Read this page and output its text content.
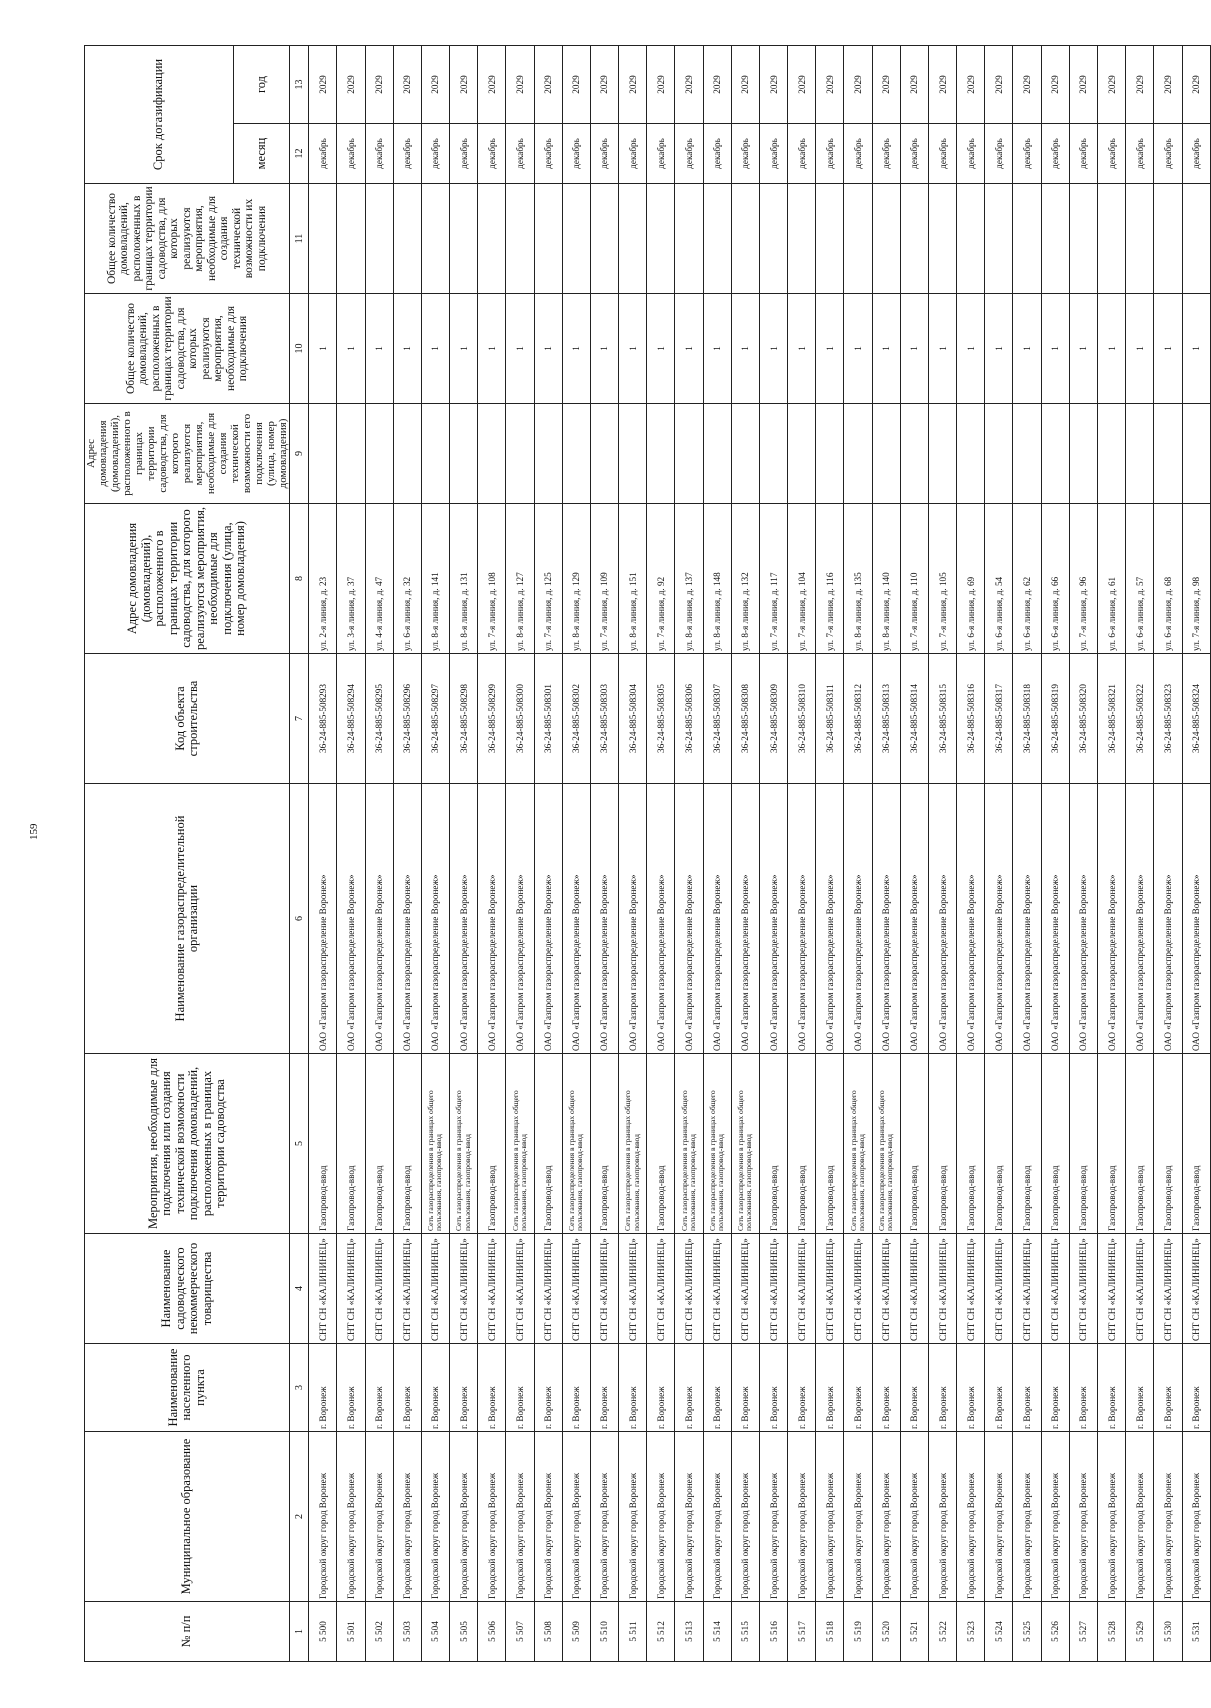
159
№ п/п	Муниципальное образование	Наименование населенного пункта	Наименование садоводческого некоммерческого товарищества	Мероприятия, необходимые для подключения или создания технической возможности подключения домовладений, расположенных в границах территории садоводства	Наименование газораспределительной организации	Код объекта строительства	Адрес домовладения (домовладений), расположенного в границах территории садоводства, для которого реализуются мероприятия, необходимые для подключения (улица, номер домовладения)	Адрес домовладения (домовладений), расположенного в границах территории садоводства, для которого реализуются мероприятия, необходимые для создания технической возможности его подключения (улица, номер домовладения)	Общее количество домовладений, расположенных в границах территории садоводства, для которых реализуются мероприятия, необходимые для подключения	Общее количество домовладений, расположенных в границах территории садоводства, для которых реализуются мероприятия, необходимые для создания технической возможности их подключения	Срок догазификации	
											месяц	год
1	2	3	4	5	6	7	8	9	10	11	12	13
5 500	Городской округ город Воронеж	г. Воронеж	СНТ СН «КАЛИНИНЕЦ»	Газопровод-ввод	ОАО «Газпром газораспределение Воронеж»	36-24-885-508293	ул. 2-я линия, д. 23		1		декабрь	2029
5 501	Городской округ город Воронеж	г. Воронеж	СНТ СН «КАЛИНИНЕЦ»	Газопровод-ввод	ОАО «Газпром газораспределение Воронеж»	36-24-885-508294	ул. 3-я линия, д. 37		1		декабрь	2029
5 502	Городской округ город Воронеж	г. Воронеж	СНТ СН «КАЛИНИНЕЦ»	Газопровод-ввод	ОАО «Газпром газораспределение Воронеж»	36-24-885-508295	ул. 4-я линия, д. 47		1		декабрь	2029
5 503	Городской округ город Воронеж	г. Воронеж	СНТ СН «КАЛИНИНЕЦ»	Газопровод-ввод	ОАО «Газпром газораспределение Воронеж»	36-24-885-508296	ул. 6-я линия, д. 32		1		декабрь	2029
5 504	Городской округ город Воронеж	г. Воронеж	СНТ СН «КАЛИНИНЕЦ»	Сеть газораспределения в границах общего пользования, газопровод-ввод	ОАО «Газпром газораспределение Воронеж»	36-24-885-508297	ул. 8-я линия, д. 141		1		декабрь	2029
5 505	Городской округ город Воронеж	г. Воронеж	СНТ СН «КАЛИНИНЕЦ»	Сеть газораспределения в границах общего пользования, газопровод-ввод	ОАО «Газпром газораспределение Воронеж»	36-24-885-508298	ул. 8-я линия, д. 131		1		декабрь	2029
5 506	Городской округ город Воронеж	г. Воронеж	СНТ СН «КАЛИНИНЕЦ»	Газопровод-ввод	ОАО «Газпром газораспределение Воронеж»	36-24-885-508299	ул. 7-я линия, д. 108		1		декабрь	2029
5 507	Городской округ город Воронеж	г. Воронеж	СНТ СН «КАЛИНИНЕЦ»	Сеть газораспределения в границах общего пользования, газопровод-ввод	ОАО «Газпром газораспределение Воронеж»	36-24-885-508300	ул. 8-я линия, д. 127		1		декабрь	2029
5 508	Городской округ город Воронеж	г. Воронеж	СНТ СН «КАЛИНИНЕЦ»	Газопровод-ввод	ОАО «Газпром газораспределение Воронеж»	36-24-885-508301	ул. 7-я линия, д. 125		1		декабрь	2029
5 509	Городской округ город Воронеж	г. Воронеж	СНТ СН «КАЛИНИНЕЦ»	Сеть газораспределения в границах общего пользования, газопровод-ввод	ОАО «Газпром газораспределение Воронеж»	36-24-885-508302	ул. 8-я линия, д. 129		1		декабрь	2029
5 510	Городской округ город Воронеж	г. Воронеж	СНТ СН «КАЛИНИНЕЦ»	Газопровод-ввод	ОАО «Газпром газораспределение Воронеж»	36-24-885-508303	ул. 7-я линия, д. 109		1		декабрь	2029
5 511	Городской округ город Воронеж	г. Воронеж	СНТ СН «КАЛИНИНЕЦ»	Сеть газораспределения в границах общего пользования, газопровод-ввод	ОАО «Газпром газораспределение Воронеж»	36-24-885-508304	ул. 8-я линия, д. 151		1		декабрь	2029
5 512	Городской округ город Воронеж	г. Воронеж	СНТ СН «КАЛИНИНЕЦ»	Газопровод-ввод	ОАО «Газпром газораспределение Воронеж»	36-24-885-508305	ул. 7-я линия, д. 92		1		декабрь	2029
5 513	Городской округ город Воронеж	г. Воронеж	СНТ СН «КАЛИНИНЕЦ»	Сеть газораспределения в границах общего пользования, газопровод-ввод	ОАО «Газпром газораспределение Воронеж»	36-24-885-508306	ул. 8-я линия, д. 137		1		декабрь	2029
5 514	Городской округ город Воронеж	г. Воронеж	СНТ СН «КАЛИНИНЕЦ»	Сеть газораспределения в границах общего пользования, газопровод-ввод	ОАО «Газпром газораспределение Воронеж»	36-24-885-508307	ул. 8-я линия, д. 148		1		декабрь	2029
5 515	Городской округ город Воронеж	г. Воронеж	СНТ СН «КАЛИНИНЕЦ»	Сеть газораспределения в границах общего пользования, газопровод-ввод	ОАО «Газпром газораспределение Воронеж»	36-24-885-508308	ул. 8-я линия, д. 132		1		декабрь	2029
5 516	Городской округ город Воронеж	г. Воронеж	СНТ СН «КАЛИНИНЕЦ»	Газопровод-ввод	ОАО «Газпром газораспределение Воронеж»	36-24-885-508309	ул. 7-я линия, д. 117		1		декабрь	2029
5 517	Городской округ город Воронеж	г. Воронеж	СНТ СН «КАЛИНИНЕЦ»	Газопровод-ввод	ОАО «Газпром газораспределение Воронеж»	36-24-885-508310	ул. 7-я линия, д. 104		1		декабрь	2029
5 518	Городской округ город Воронеж	г. Воронеж	СНТ СН «КАЛИНИНЕЦ»	Газопровод-ввод	ОАО «Газпром газораспределение Воронеж»	36-24-885-508311	ул. 7-я линия, д. 116		1		декабрь	2029
5 519	Городской округ город Воронеж	г. Воронеж	СНТ СН «КАЛИНИНЕЦ»	Сеть газораспределения в границах общего пользования, газопровод-ввод	ОАО «Газпром газораспределение Воронеж»	36-24-885-508312	ул. 8-я линия, д. 135		1		декабрь	2029
5 520	Городской округ город Воронеж	г. Воронеж	СНТ СН «КАЛИНИНЕЦ»	Сеть газораспределения в границах общего пользования, газопровод-ввод	ОАО «Газпром газораспределение Воронеж»	36-24-885-508313	ул. 8-я линия, д. 140		1		декабрь	2029
5 521	Городской округ город Воронеж	г. Воронеж	СНТ СН «КАЛИНИНЕЦ»	Газопровод-ввод	ОАО «Газпром газораспределение Воронеж»	36-24-885-508314	ул. 7-я линия, д. 110		1		декабрь	2029
5 522	Городской округ город Воронеж	г. Воронеж	СНТ СН «КАЛИНИНЕЦ»	Газопровод-ввод	ОАО «Газпром газораспределение Воронеж»	36-24-885-508315	ул. 7-я линия, д. 105		1		декабрь	2029
5 523	Городской округ город Воронеж	г. Воронеж	СНТ СН «КАЛИНИНЕЦ»	Газопровод-ввод	ОАО «Газпром газораспределение Воронеж»	36-24-885-508316	ул. 6-я линия, д. 69		1		декабрь	2029
5 524	Городской округ город Воронеж	г. Воронеж	СНТ СН «КАЛИНИНЕЦ»	Газопровод-ввод	ОАО «Газпром газораспределение Воронеж»	36-24-885-508317	ул. 6-я линия, д. 54		1		декабрь	2029
5 525	Городской округ город Воронеж	г. Воронеж	СНТ СН «КАЛИНИНЕЦ»	Газопровод-ввод	ОАО «Газпром газораспределение Воронеж»	36-24-885-508318	ул. 6-я линия, д. 62		1		декабрь	2029
5 526	Городской округ город Воронеж	г. Воронеж	СНТ СН «КАЛИНИНЕЦ»	Газопровод-ввод	ОАО «Газпром газораспределение Воронеж»	36-24-885-508319	ул. 6-я линия, д. 66		1		декабрь	2029
5 527	Городской округ город Воронеж	г. Воронеж	СНТ СН «КАЛИНИНЕЦ»	Газопровод-ввод	ОАО «Газпром газораспределение Воронеж»	36-24-885-508320	ул. 7-я линия, д. 96		1		декабрь	2029
5 528	Городской округ город Воронеж	г. Воронеж	СНТ СН «КАЛИНИНЕЦ»	Газопровод-ввод	ОАО «Газпром газораспределение Воронеж»	36-24-885-508321	ул. 6-я линия, д. 61		1		декабрь	2029
5 529	Городской округ город Воронеж	г. Воронеж	СНТ СН «КАЛИНИНЕЦ»	Газопровод-ввод	ОАО «Газпром газораспределение Воронеж»	36-24-885-508322	ул. 6-я линия, д. 57		1		декабрь	2029
5 530	Городской округ город Воронеж	г. Воронеж	СНТ СН «КАЛИНИНЕЦ»	Газопровод-ввод	ОАО «Газпром газораспределение Воронеж»	36-24-885-508323	ул. 6-я линия, д. 68		1		декабрь	2029
5 531	Городской округ город Воронеж	г. Воронеж	СНТ СН «КАЛИНИНЕЦ»	Газопровод-ввод	ОАО «Газпром газораспределение Воронеж»	36-24-885-508324	ул. 7-я линия, д. 98		1		декабрь	2029
